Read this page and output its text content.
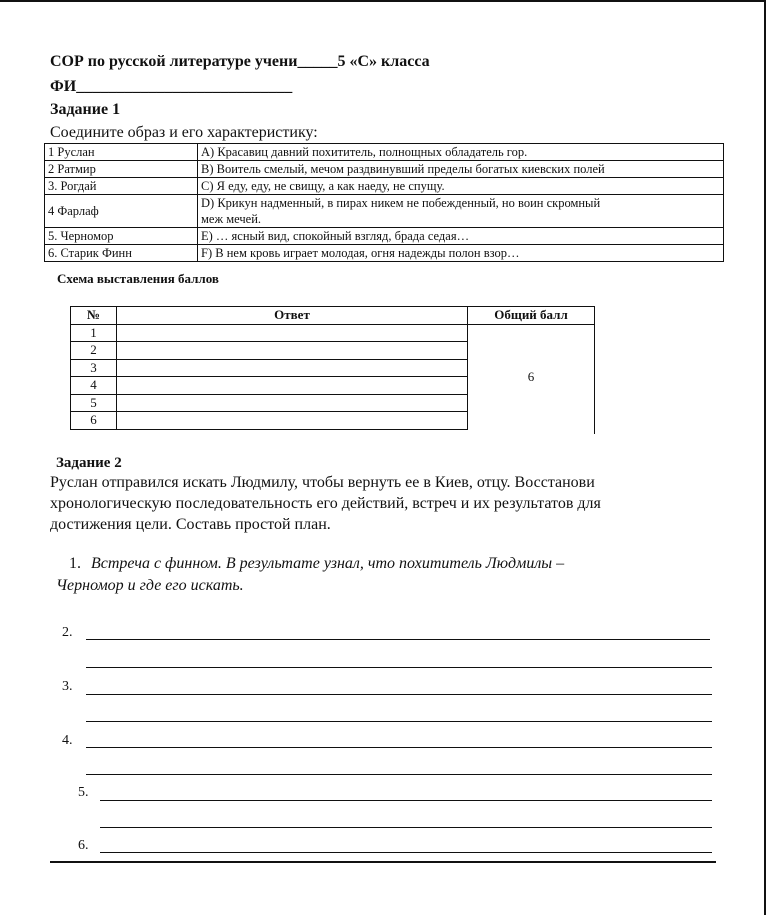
СОР по русской литературе учени_____5 «С» класса
ФИ___________________________
Задание 1
Соедините образ и его характеристику:
1 Руслан	A) Красавиц давний похититель, полнощных обладатель гор.
2 Ратмир	B) Воитель смелый, мечом раздвинувший пределы богатых киевских полей
3. Рогдай	C) Я еду, еду, не свищу, а как наеду, не спущу.
4 Фарлаф	D) Крикун надменный, в пирах никем не побежденный, но воин скромный
меж мечей.

5. Черномор	E) … ясный вид, спокойный взгляд, брада седая…
6. Старик Финн	F) В нем кровь играет молодая, огня надежды полон взор…
Схема выставления баллов
№	Ответ	Общий балл
1		6
2		
3		
4		
5		
6		
Задание 2
Руслан отправился искать Людмилу, чтобы вернуть ее в Киев, отцу. Восстанови
хронологическую последовательность его действий, встреч и их результатов для
достижения цели. Составь простой план.
1. Встреча с финном. В результате узнал, что похититель Людмилы –
Черномор и где его искать.
2.
3.
4.
5.
6.
